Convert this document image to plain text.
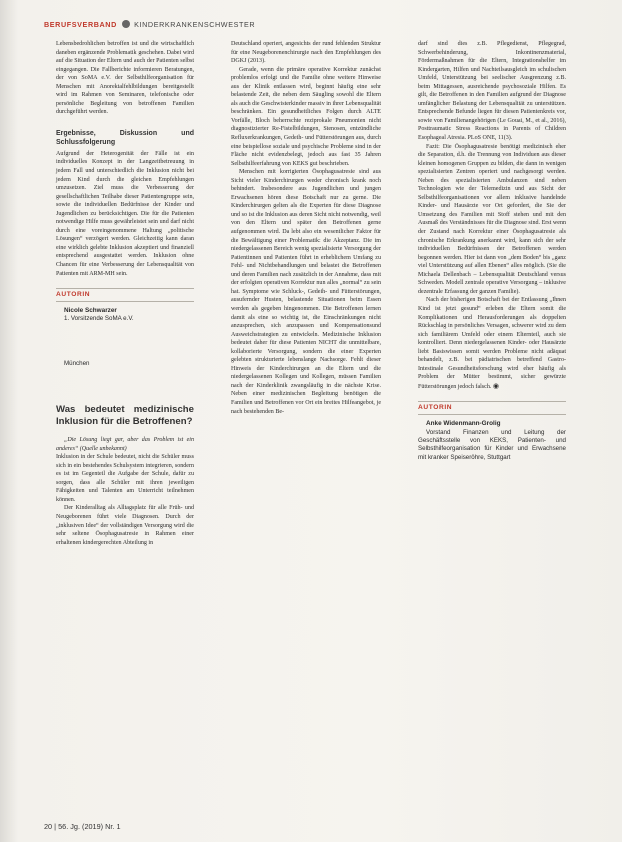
BERUFSVERBAND KINDERKRANKENSCHWESTER

Lebensbedrohlichen betroffen ist und die wirtschaftlich daneben ergänzende Problematik geschehen. Dabei wird auf die Situation der Eltern und auch der Patienten selbst eingegangen. Die Fallberichte informieren Beratungen, der von SoMA e.V. der Selbsthilfeorganisation für Menschen mit Anorektalfehlbildungen bereitgestellt wird im Rahmen von Seminaren, telefonische oder persönliche Begleitung von betroffenen Familien durchgeführt werden.

Ergebnisse, Diskussion und Schlussfolgerung

Aufgrund der Heterogenität der Fälle ist ein individuelles Konzept in der Langzeitbetreuung in jedem Fall und unterschiedlich die Inklusion nicht bei jedem Kind durch die gleichen Empfehlungen umzusetzen. Ziel muss die Verbesserung der gesellschaftlichen Teilhabe dieser Patientengruppe sein, sowie die individuellen Bedürfnisse der Kinder und Jugendlichen zu berücksichtigen. Die für die Patienten notwendige Hilfe muss gewährleistet sein und darf nicht durch eine voreingenommene Haltung „politische Lösungen“ verzögert werden. Gleichzeitig kann daran eine wirklich gelebte Inklusion akzeptiert und finanziell entsprechend ausgestattet werden. Inklusion ohne Chancen für eine Verbesserung der Lebensqualität von Patienten mit ARM-MH sein.

AUTORIN

Nicole Schwarzer

1. Vorsitzende SoMA e.V.

München

Was bedeutet medizinische Inklusion für die Betroffenen?

„Die Lösung liegt gar, aber das Problem ist ein anderes“ (Quelle unbekannt)

Inklusion in der Schule bedeutet, nicht die Schüler muss sich in ein bestehendes Schulsystem integrieren, sondern es ist im Gegenteil die Aufgabe der Schule, dafür zu sorgen, dass alle Schüler mit ihren jeweiligen Fähigkeiten und Talenten am Unterricht teilnehmen können.

Der Kinderalltag als Alltagsplatz für alle Früh- und Neugeborenen führt viele Diagnosen. Durch der „inklusiven Idee“ der vollständigen Versorgung wird die sehr seltene Ösophagusatresie in Rahmen einer erhaltenen kindergerechten Abteilung in

Deutschland operiert, angesichts der rund fehlenden Struktur für eine Neugeborenenchirurgie nach den Empfehlungen des DGKJ (2013).

Gerade, wenn die primäre operative Korrektur zunächst problemlos erfolgt und die Familie ohne weitere Hinweise aus der Klinik entlassen wird, beginnt häufig eine sehr belastende Zeit, die neben dem Säugling sowohl die Eltern als auch die Geschwisterkinder massiv in ihrer Lebensqualität beschränken. Ein gesundheitliches Folgen durch ALTE Vorfälle, Bloch beherrschte reziprokale Pneumonien nicht diagnostizierter Re-Fistelbildungen, Stenosen, entzündliche Refluxerkrankungen, Gedeih- und Fütterstörungen aus, durch eine beispiellose soziale und psychische Probleme sind in der Fläche nicht evidenzbelegt, jedoch aus fast 35 Jahren Selbsthilfeerfahrung von KEKS gut beschrieben.

Menschen mit korrigierten Ösophagusatresie sind aus Sicht vieler Kinderchirurgen weder chronisch krank noch behindert. Insbesondere aus Jugendlichen und jungen Erwachsenen hören diese Botschaft nur zu gerne. Die Kinderchirurgen gelten als die Experten für diese Diagnose und so ist die Inklusion aus deren Sicht nicht notwendig, weil von den Eltern und später den Betroffenen gerne aufgenommen wird. Da lebt also ein wesentlicher Faktor für die Bewältigung einer Problematik: die Akzeptanz. Die im niedergelassenen Bereich wenig spezialisierte Versorgung der Patientinnen und Patienten führt in erheblichem Umfang zu Fehl- und Nichtbehandlungen und belastet die Betroffenen und deren Familien nach zusätzlich in der Annahme, dass mit der erfolgten operativen Korrektur nun alles „normal“ zu sein hat. Symptome wie Schluck-, Gedeih- und Fütterstörungen, ausufernder Husten, belastende Situationen beim Essen werden als gegeben hingenommen. Die Betroffenen lernen damit als eine so wichtig ist, die Einschränkungen nicht anzusprechen, sich anzupassen und Kompensationsund Ausweichstrategien zu entwickeln. Medizinische Inklusion bedeutet daher für diese Patienten NICHT die unmittelbare, kollaborierte Versorgung, sondern die einer Experten gelebten strukturierte lebenslange Nachsorge. Fehlt dieser Hinweis der Kinderchirurgen an die Eltern und die niedergelassenen Kollegen und Kollegen, müssen Familien nach der Kinderklinik zwangsläufig in die nächste Krise. Neben einer medizinischen Begleitung benötigen die Familien und Betroffenen vor Ort ein breites Hilfeangebot, je nach bestehenden Be-

darf sind dies z.B. Pflegedienst, Pflegegrad, Schwerbehinderung, Inkontinenzmaterial, Fördermaßnahmen für die Eltern, Integrationshelfer im Kindergarten, Hilfen und Nachteilsausgleich im schulischen Umfeld, Unterstützung bei seelischer Ausgrenzung z.B. beim Mittagessen, ausreichende psychosoziale Hilfen. Es gilt, die Betroffenen in den Familien aufgrund der Diagnose umfänglicher Belastung der Lebensqualität zu unterstützen. Entsprechende Befunde liegen für diesen Patientenkreis vor, sowie von Familienangehörigen (Le Gouai, M., et al., 2016), Posttraumatic Stress Reactions in Parents of Children Esophageal Atresia. PLoS ONE, 11(3).

Fazit: Die Ösophagusatresie benötigt medizinisch eher die Separation, d.h. die Trennung von Individuen aus dieser kleinen homogenen Gruppen zu bilden, die dann in wenigen spezialisierten Zentren operiert und nachgesorgt werden. Neben des spezialisierten Ambulanzen sind neben Technologien wie der Telemedizin und aus Sicht der Selbsthilfeorganisationen vor allem inklusive handelnde Kinder- und Hausärzte vor Ort gefordert, die Sie der Umsetzung des Familien mit Stoff stehen und mit den Ausmaß des Verständnisses für die Diagnose sind. Erst wenn der Zustand nach Korrektur einer Ösophagusatresie als chronische Erkrankung anerkannt wird, kann sich der sehr individuellen Bedürfnissen der Betroffenen werden begonnen werden. Hier ist dann von „dem Boden“ bis „ganz viel Unterstützung auf allen Ebenen“ alles möglich. (Sie die Michaela Dellenbach – Lebensqualität Deutschland versus Schweden. Modell zentrale operative Versorgung – inklusive dezentrale Erfassung der ganzen Familie).

Nach der bisherigen Botschaft bei der Entlassung „Ihnen Kind ist jetzt gesund“ erleben die Eltern somit die Komplikationen und Herausforderungen als doppelten Rückschlag in persönliches Versagen, schwerer wird zu dem sich familiärem Umfeld oder einem Elternteil, auch sie kontrolliert. Denn niedergelassenen Kinder- oder Hausärzte liebt Basiswissen somit werden Probleme nicht adäquat behandelt, z.B. bei pädiatrischen betreffend Gastro-Intestinale Gesundheitsforschung wird eher häufig als Problem der Mütter bestimmt, sicher gewürzte Fütterstörungen jedoch falsch. ◉

AUTORIN

Anke Widenmann-Grolig

Vorstand Finanzen und Leitung der Geschäftsstelle von KEKS, Patienten- und Selbsthilfeorganisation für Kinder und Erwachsene mit kranker Speiseröhre, Stuttgart

20 | 56. Jg. (2019) Nr. 1
